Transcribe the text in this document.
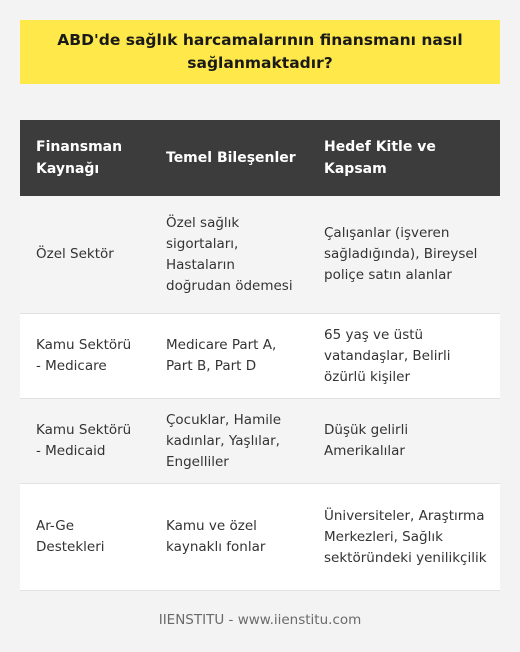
ABD'de sağlık harcamalarının finansmanı nasıl sağlanmaktadır?
Finansman Kaynağı	Temel Bileşenler	Hedef Kitle ve Kapsam
Özel Sektör	Özel sağlık sigortaları, Hastaların doğrudan ödemesi	Çalışanlar (işveren sağladığında), Bireysel poliçe satın alanlar
Kamu Sektörü - Medicare	Medicare Part A, Part B, Part D	65 yaş ve üstü vatandaşlar, Belirli özürlü kişiler
Kamu Sektörü - Medicaid	Çocuklar, Hamile kadınlar, Yaşlılar, Engelliler	Düşük gelirli Amerikalılar
Ar-Ge Destekleri	Kamu ve özel kaynaklı fonlar	Üniversiteler, Araştırma Merkezleri, Sağlık sektöründeki yenilikçilik
IIENSTITU - www.iienstitu.com
